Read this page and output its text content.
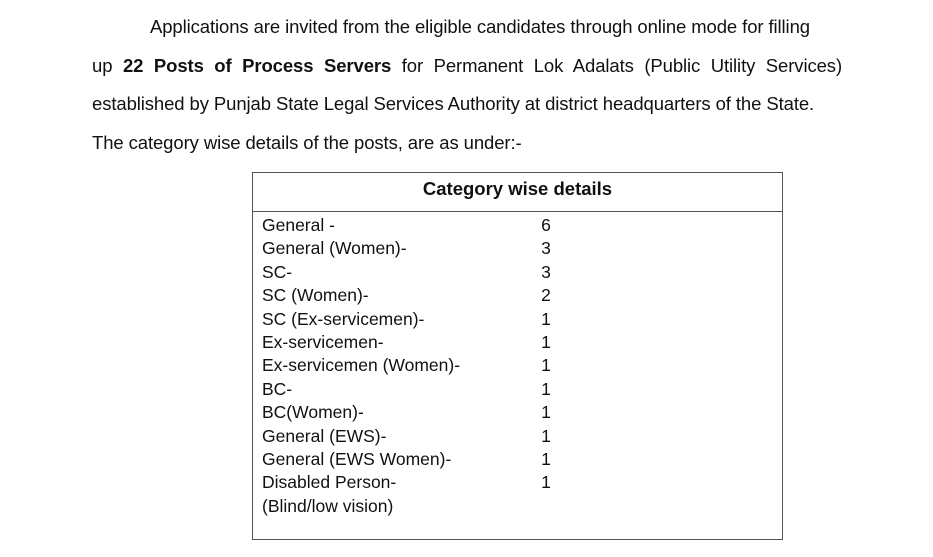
Applications are invited from the eligible candidates through online mode for filling
up 22 Posts of Process Servers for Permanent Lok Adalats (Public Utility Services)
established by Punjab State Legal Services Authority at district headquarters of the State.
The category wise details of the posts, are as under:-
Category wise details
General -	6
General (Women)-	3
SC-	3
SC (Women)-	2
SC (Ex-servicemen)-	1
Ex-servicemen-	1
Ex-servicemen (Women)-	1
BC-	1
BC(Women)-	1
General (EWS)-	1
General (EWS Women)-	1
Disabled Person-	1
(Blind/low vision)
